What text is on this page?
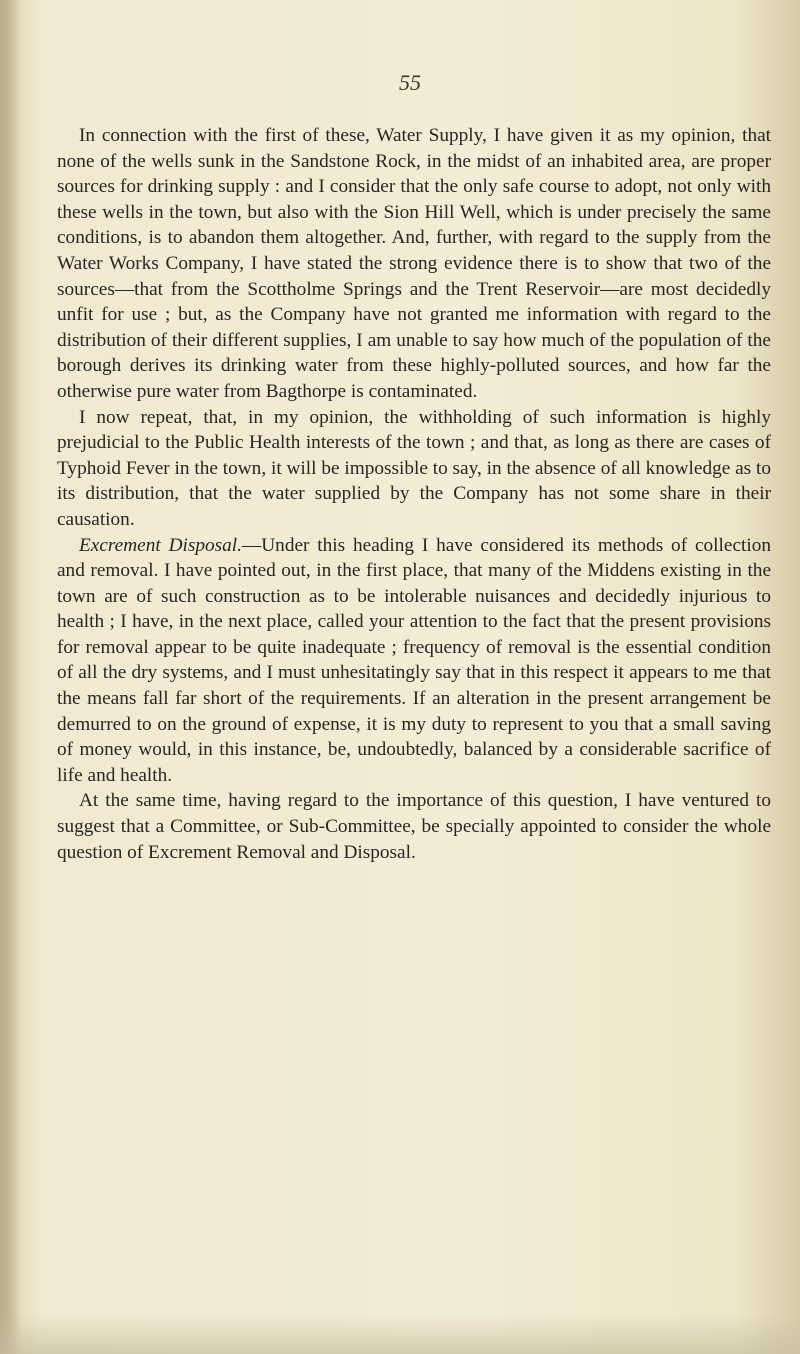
55

In connection with the first of these, Water Supply, I have given it as my opinion, that none of the wells sunk in the Sandstone Rock, in the midst of an inhabited area, are proper sources for drinking supply : and I consider that the only safe course to adopt, not only with these wells in the town, but also with the Sion Hill Well, which is under precisely the same conditions, is to abandon them altogether. And, further, with regard to the supply from the Water Works Company, I have stated the strong evidence there is to show that two of the sources—that from the Scottholme Springs and the Trent Reservoir—are most decidedly unfit for use ; but, as the Company have not granted me information with regard to the distribution of their different supplies, I am unable to say how much of the population of the borough derives its drinking water from these highly-polluted sources, and how far the otherwise pure water from Bagthorpe is contaminated.

I now repeat, that, in my opinion, the withholding of such information is highly prejudicial to the Public Health interests of the town ; and that, as long as there are cases of Typhoid Fever in the town, it will be impossible to say, in the absence of all knowledge as to its distribution, that the water supplied by the Company has not some share in their causation.

Excrement Disposal.—Under this heading I have considered its methods of collection and removal. I have pointed out, in the first place, that many of the Middens existing in the town are of such construction as to be intolerable nuisances and decidedly injurious to health ; I have, in the next place, called your attention to the fact that the present provisions for removal appear to be quite inadequate ; frequency of removal is the essential condition of all the dry systems, and I must unhesitatingly say that in this respect it appears to me that the means fall far short of the requirements. If an alteration in the present arrangement be demurred to on the ground of expense, it is my duty to represent to you that a small saving of money would, in this instance, be, undoubtedly, balanced by a considerable sacrifice of life and health.

At the same time, having regard to the importance of this question, I have ventured to suggest that a Committee, or Sub-Committee, be specially appointed to consider the whole question of Excrement Removal and Disposal.
